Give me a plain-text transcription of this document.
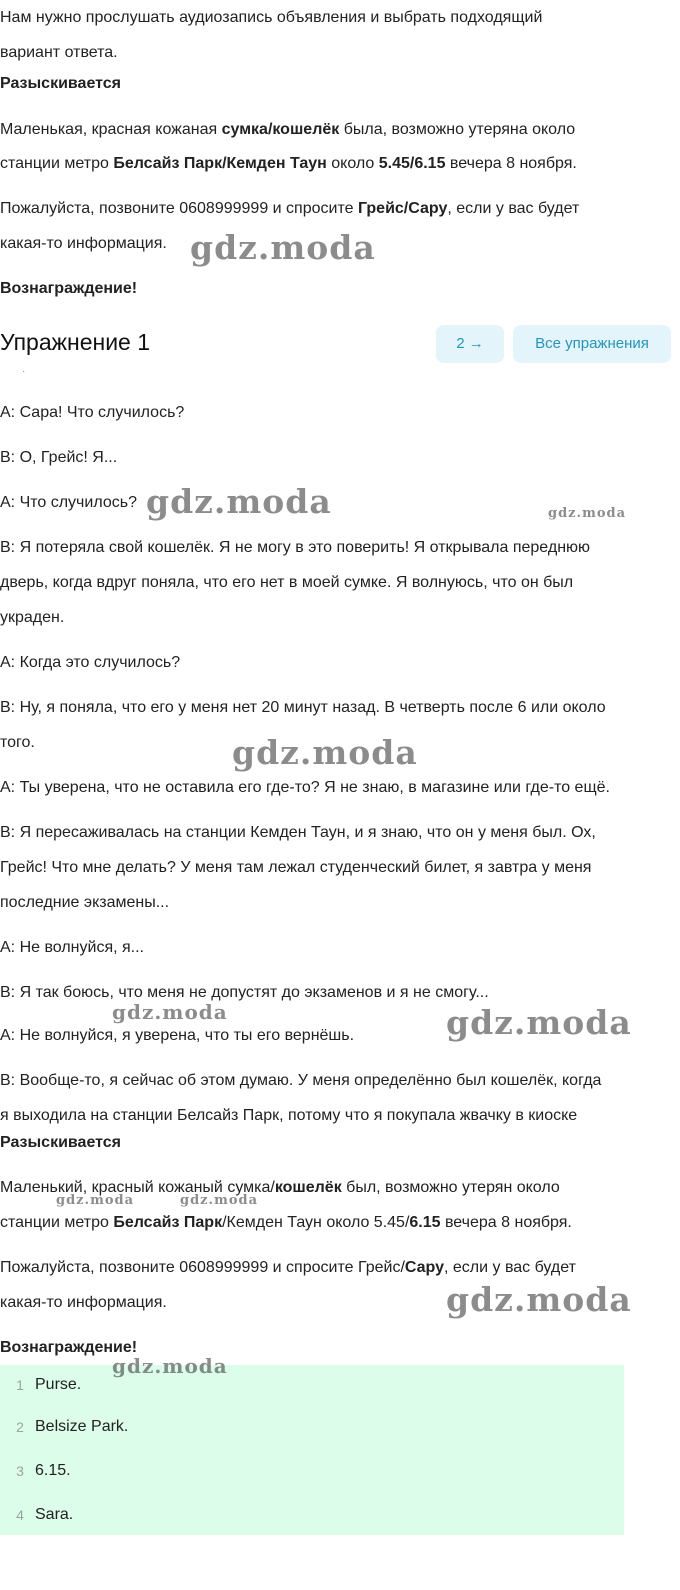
Нам нужно прослушать аудиозапись объявления и выбрать подходящий

вариант ответа.

Разыскивается

Маленькая, красная кожаная сумка/кошелёк была, возможно утеряна около

станции метро Белсайз Парк/Кемден Таун около 5.45/6.15 вечера 8 ноября.

Пожалуйста, позвоните 0608999999 и спросите Грейс/Сару, если у вас будет

какая-то информация.

Вознаграждение!

Упражнение 1	2 →	Все упражнения
·

A: Сара! Что случилось?

B: О, Грейс! Я...

A: Что случилось?

B: Я потеряла свой кошелёк. Я не могу в это поверить! Я открывала переднюю

дверь, когда вдруг поняла, что его нет в моей сумке. Я волнуюсь, что он был

украден.

A: Когда это случилось?

B: Ну, я поняла, что его у меня нет 20 минут назад. В четверть после 6 или около

того.

A: Ты уверена, что не оставила его где-то? Я не знаю, в магазине или где-то ещё.

B: Я пересаживалась на станции Кемден Таун, и я знаю, что он у меня был. Ох,

Грейс! Что мне делать? У меня там лежал студенческий билет, я завтра у меня

последние экзамены...

A: Не волнуйся, я...

B: Я так боюсь, что меня не допустят до экзаменов и я не смогу...

A: Не волнуйся, я уверена, что ты его вернёшь.

B: Вообще-то, я сейчас об этом думаю. У меня определённо был кошелёк, когда

я выходила на станции Белсайз Парк, потому что я покупала жвачку в киоске

Разыскивается

Маленький, красный кожаный сумка/кошелёк был, возможно утерян около

станции метро Белсайз Парк/Кемден Таун около 5.45/6.15 вечера 8 ноября.

Пожалуйста, позвоните 0608999999 и спросите Грейс/Сару, если у вас будет

какая-то информация.

Вознаграждение!

1 Purse.
2 Belsize Park.
3 6.15.
4 Sara.
gdz.moda
gdz.moda	gdz.moda
gdz.moda
gdz.moda	gdz.moda
gdz.moda	gdz.moda
gdz.moda
gdz.moda
